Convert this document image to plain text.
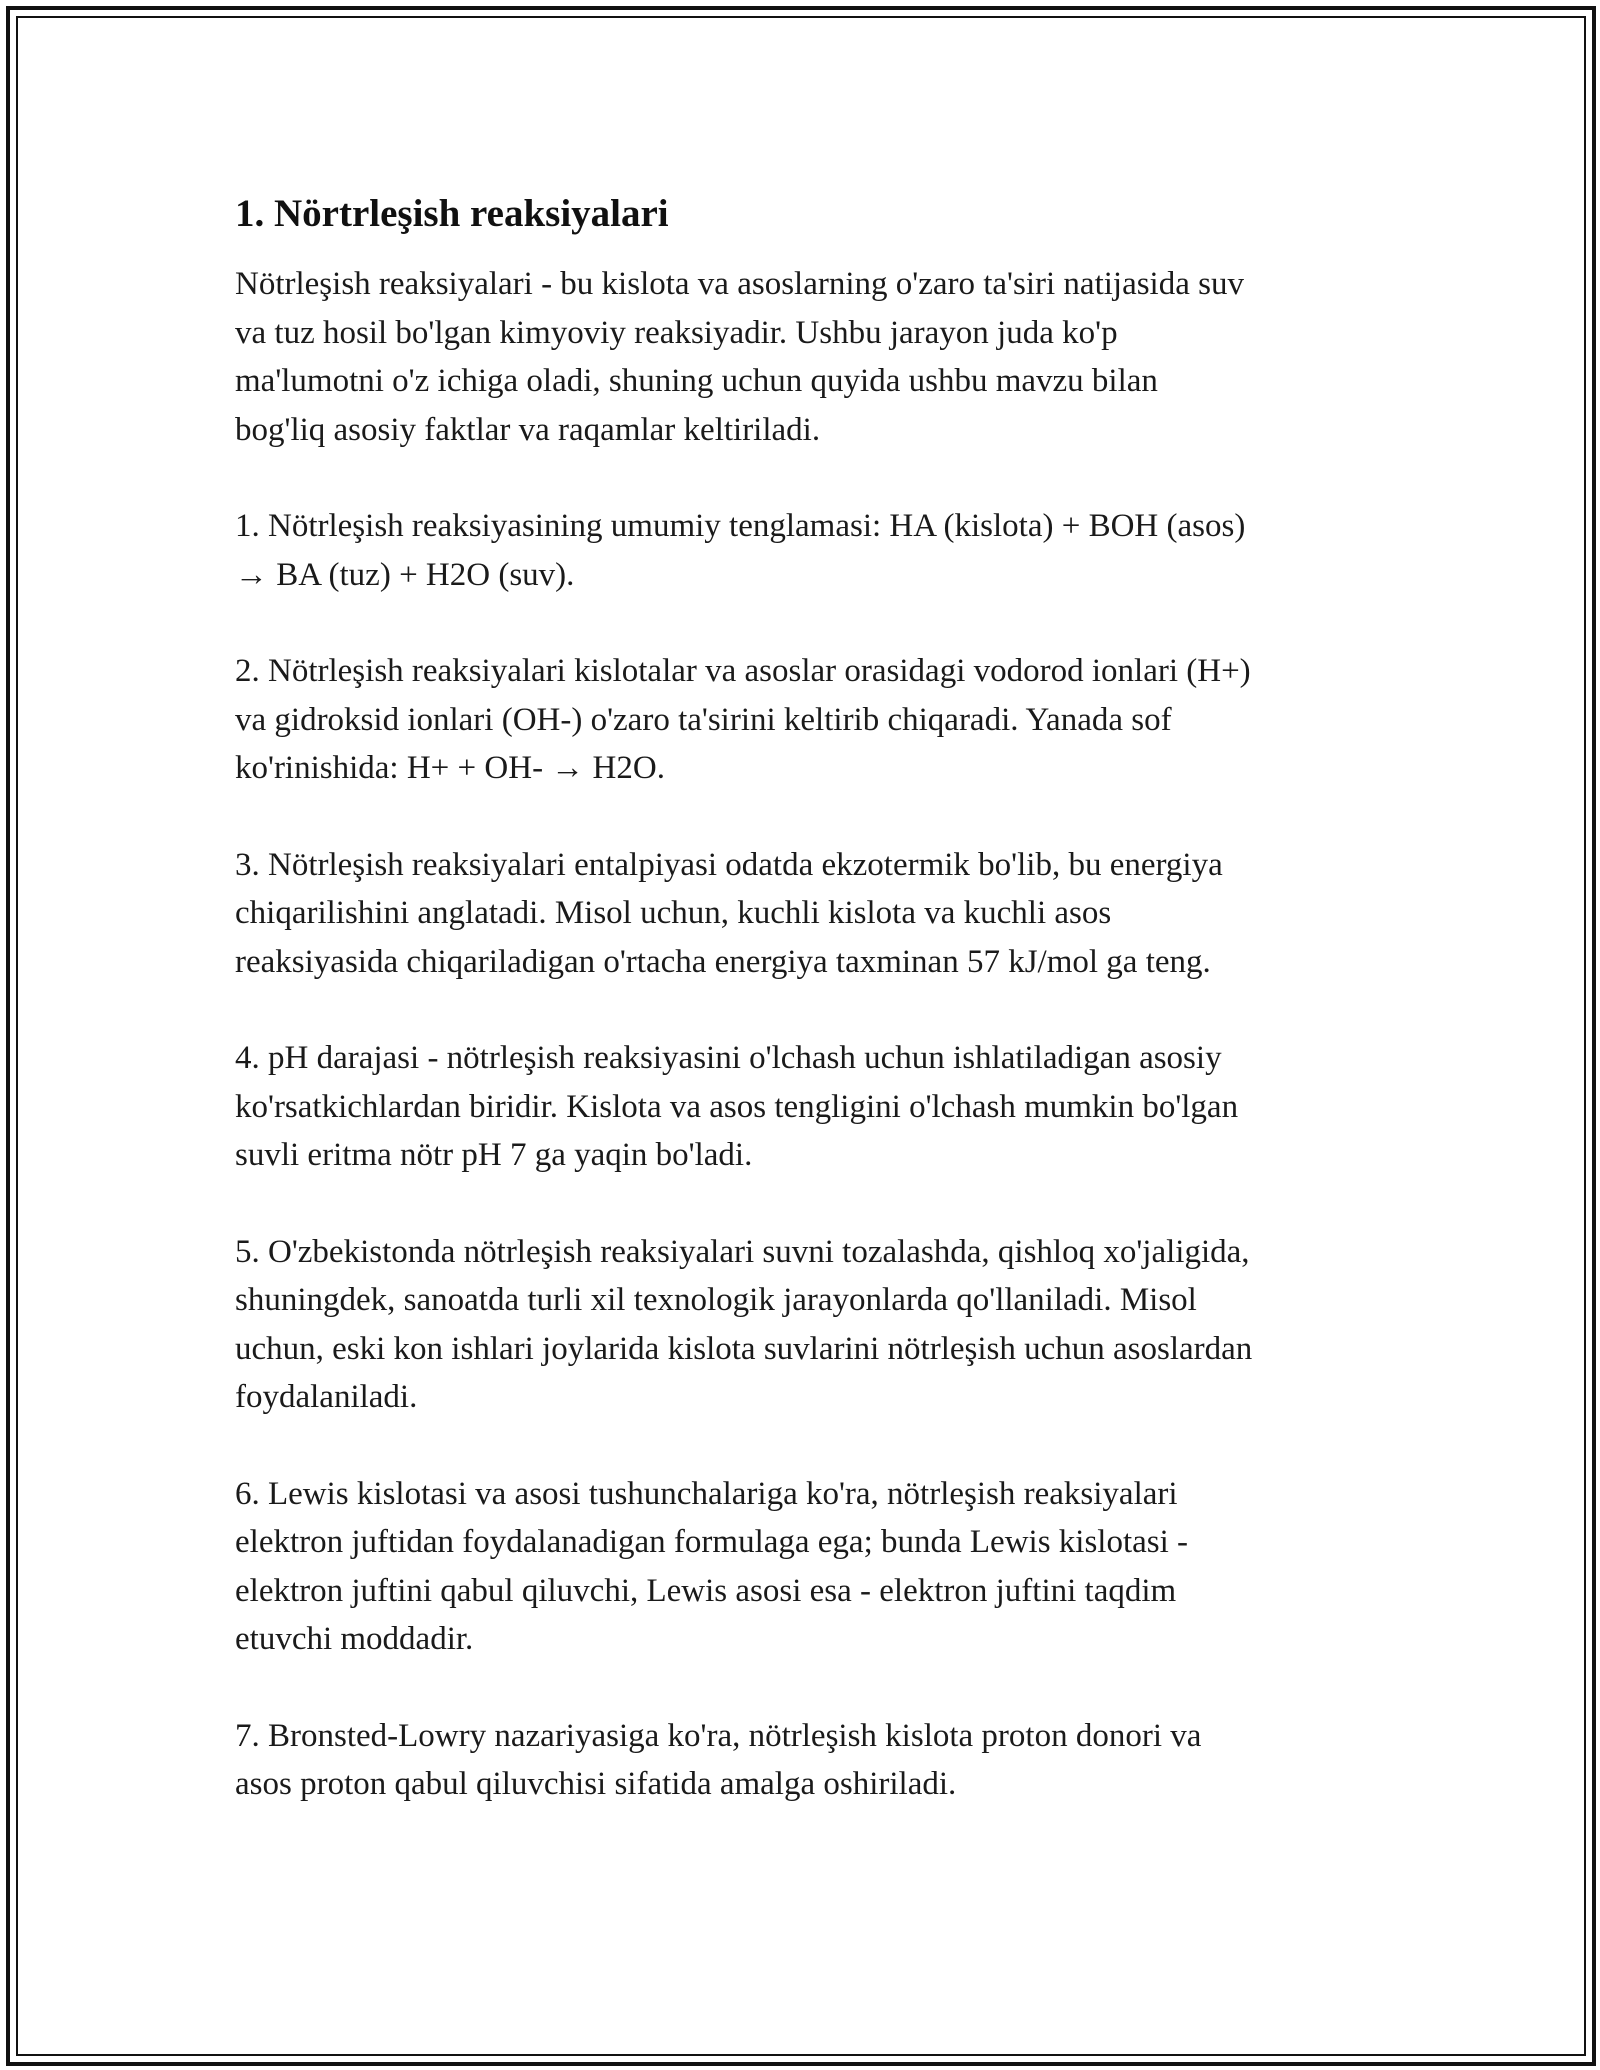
1. Nörtrleşish reaksiyalari

Nötrleşish reaksiyalari - bu kislota va asoslarning o'zaro ta'siri natijasida suv
va tuz hosil bo'lgan kimyoviy reaksiyadir. Ushbu jarayon juda ko'p
ma'lumotni o'z ichiga oladi, shuning uchun quyida ushbu mavzu bilan
bog'liq asosiy faktlar va raqamlar keltiriladi.

1. Nötrleşish reaksiyasining umumiy tenglamasi: HA (kislota) + BOH (asos)
→ BA (tuz) + H2O (suv).

2. Nötrleşish reaksiyalari kislotalar va asoslar orasidagi vodorod ionlari (H+)
va gidroksid ionlari (OH-) o'zaro ta'sirini keltirib chiqaradi. Yanada sof
ko'rinishida: H+ + OH- → H2O.

3. Nötrleşish reaksiyalari entalpiyasi odatda ekzotermik bo'lib, bu energiya
chiqarilishini anglatadi. Misol uchun, kuchli kislota va kuchli asos
reaksiyasida chiqariladigan o'rtacha energiya taxminan 57 kJ/mol ga teng.

4. pH darajasi - nötrleşish reaksiyasini o'lchash uchun ishlatiladigan asosiy
ko'rsatkichlardan biridir. Kislota va asos tengligini o'lchash mumkin bo'lgan
suvli eritma nötr pH 7 ga yaqin bo'ladi.

5. O'zbekistonda nötrleşish reaksiyalari suvni tozalashda, qishloq xo'jaligida,
shuningdek, sanoatda turli xil texnologik jarayonlarda qo'llaniladi. Misol
uchun, eski kon ishlari joylarida kislota suvlarini nötrleşish uchun asoslardan
foydalaniladi.

6. Lewis kislotasi va asosi tushunchalariga ko'ra, nötrleşish reaksiyalari
elektron juftidan foydalanadigan formulaga ega; bunda Lewis kislotasi -
elektron juftini qabul qiluvchi, Lewis asosi esa - elektron juftini taqdim
etuvchi moddadir.

7. Bronsted-Lowry nazariyasiga ko'ra, nötrleşish kislota proton donori va
asos proton qabul qiluvchisi sifatida amalga oshiriladi.
